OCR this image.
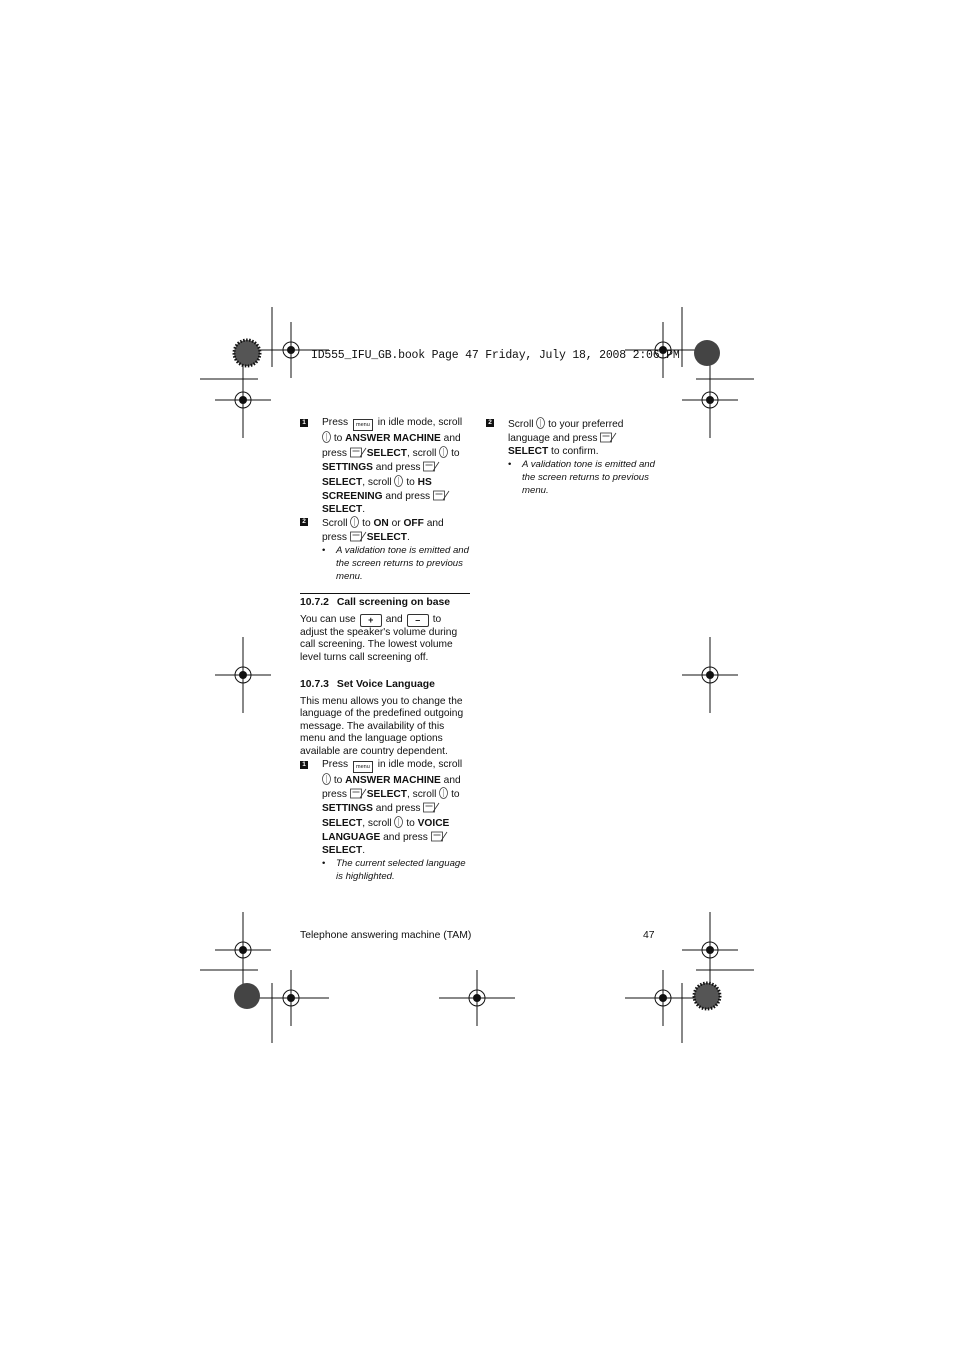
ID555_IFU_GB.book Page 47 Friday, July 18, 2008 2:06 PM
1 Press menu in idle mode, scroll  to ANSWER MACHINE and press SELECT, scroll  to SETTINGS and press SELECT, scroll  to HS SCREENING and press SELECT.
2 Scroll  to ON or OFF and press SELECT.
• A validation tone is emitted and the screen returns to previous menu.
10.7.2 Call screening on base
You can use + and – to adjust the speaker's volume during call screening. The lowest volume level turns call screening off.
10.7.3 Set Voice Language
This menu allows you to change the language of the predefined outgoing message. The availability of this menu and the language options available are country dependent.
1 Press menu in idle mode, scroll  to ANSWER MACHINE and press SELECT, scroll  to SETTINGS and press SELECT, scroll  to VOICE LANGUAGE and press SELECT.
• The current selected language is highlighted.
2 Scroll  to your preferred language and press SELECT to confirm.
• A validation tone is emitted and the screen returns to previous menu.
Telephone answering machine (TAM)	47
